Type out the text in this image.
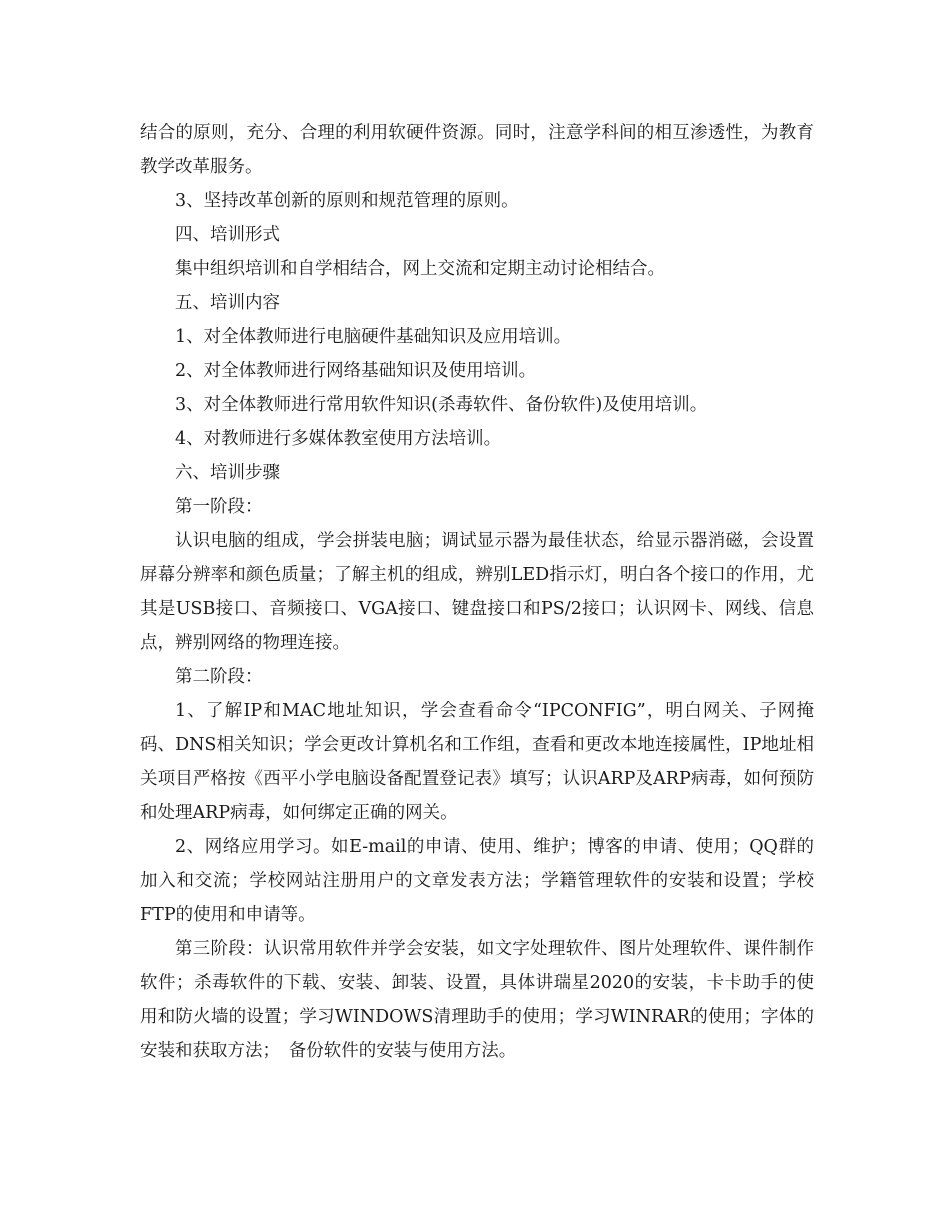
结合的原则，充分、合理的利用软硬件资源。同时，注意学科间的相互渗透性，为教育教学改革服务。

3、坚持改革创新的原则和规范管理的原则。

四、培训形式

集中组织培训和自学相结合，网上交流和定期主动讨论相结合。

五、培训内容

1、对全体教师进行电脑硬件基础知识及应用培训。

2、对全体教师进行网络基础知识及使用培训。

3、对全体教师进行常用软件知识(杀毒软件、备份软件)及使用培训。

4、对教师进行多媒体教室使用方法培训。

六、培训步骤

第一阶段：

认识电脑的组成，学会拼装电脑；调试显示器为最佳状态，给显示器消磁，会设置屏幕分辨率和颜色质量；了解主机的组成，辨别LED指示灯，明白各个接口的作用，尤其是USB接口、音频接口、VGA接口、键盘接口和PS/2接口；认识网卡、网线、信息点，辨别网络的物理连接。

第二阶段：

1、了解IP和MAC地址知识，学会查看命令“IPCONFIG”，明白网关、子网掩码、DNS相关知识；学会更改计算机名和工作组，查看和更改本地连接属性，IP地址相关项目严格按《西平小学电脑设备配置登记表》填写；认识ARP及ARP病毒，如何预防和处理ARP病毒，如何绑定正确的网关。

2、网络应用学习。如E-mail的申请、使用、维护；博客的申请、使用；QQ群的加入和交流；学校网站注册用户的文章发表方法；学籍管理软件的安装和设置；学校FTP的使用和申请等。

第三阶段：认识常用软件并学会安装，如文字处理软件、图片处理软件、课件制作软件；杀毒软件的下载、安装、卸装、设置，具体讲瑞星2020的安装，卡卡助手的使用和防火墙的设置；学习WINDOWS清理助手的使用；学习WINRAR的使用；字体的安装和获取方法；　备份软件的安装与使用方法。
